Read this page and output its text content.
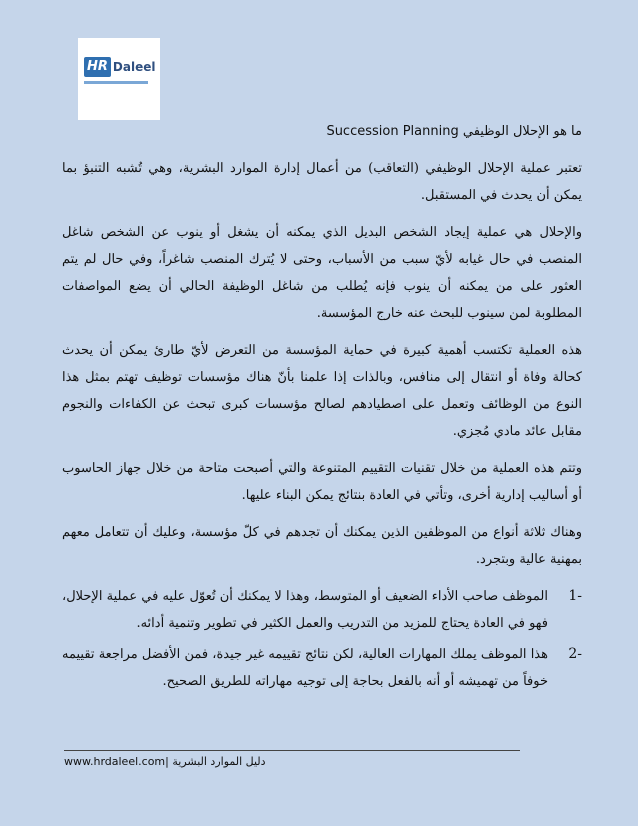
HR Daleel
ما هو الإحلال الوظيفي Succession Planning

تعتبر عملية الإحلال الوظيفي (التعاقب) من أعمال إدارة الموارد البشرية، وهي تُشبه التنبؤ بما يمكن أن يحدث في المستقبل.

والإحلال هي عملية إيجاد الشخص البديل الذي يمكنه أن يشغل أو ينوب عن الشخص شاغل المنصب في حال غيابه لأيّ سبب من الأسباب، وحتى لا يُترك المنصب شاغراً، وفي حال لم يتم العثور على من يمكنه أن ينوب فإنه يُطلب من شاغل الوظيفة الحالي أن يضع المواصفات المطلوبة لمن سينوب للبحث عنه خارج المؤسسة.

هذه العملية تكتسب أهمية كبيرة في حماية المؤسسة من التعرض لأيّ طارئ يمكن أن يحدث كحالة وفاة أو انتقال إلى منافس، وبالذات إذا علمنا بأنّ هناك مؤسسات توظيف تهتم بمثل هذا النوع من الوظائف وتعمل على اصطيادهم لصالح مؤسسات كبرى تبحث عن الكفاءات والنجوم مقابل عائد مادي مُجزي.

وتتم هذه العملية من خلال تقنيات التقييم المتنوعة والتي أصبحت متاحة من خلال جهاز الحاسوب أو أساليب إدارية أخرى، وتأتي في العادة بنتائج يمكن البناء عليها.

وهناك ثلاثة أنواع من الموظفين الذين يمكنك أن تجدهم في كلّ مؤسسة، وعليك أن تتعامل معهم بمهنية عالية وبتجرد.

-1
الموظف صاحب الأداء الضعيف أو المتوسط، وهذا لا يمكنك أن تُعوّل عليه في عملية الإحلال، فهو في العادة يحتاج للمزيد من التدريب والعمل الكثير في تطوير وتنمية أدائه.
-2
هذا الموظف يملك المهارات العالية، لكن نتائج تقييمه غير جيدة، فمن الأفضل مراجعة تقييمه خوفاً من تهميشه أو أنه بالفعل بحاجة إلى توجيه مهاراته للطريق الصحيح.
www.hrdaleel.com| دليل الموارد البشرية
